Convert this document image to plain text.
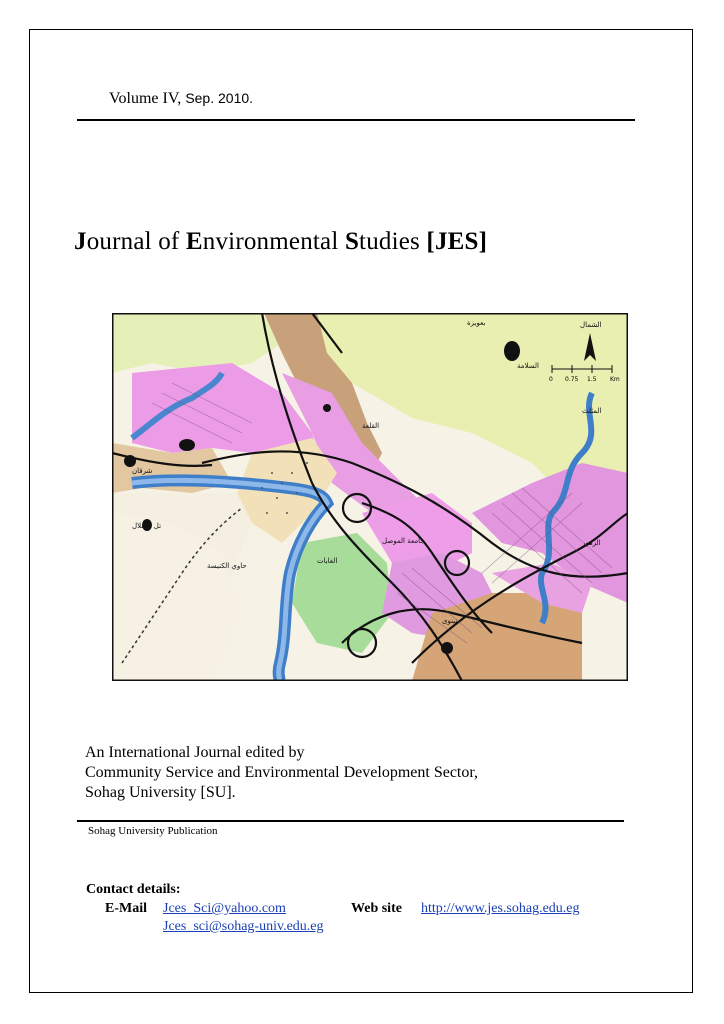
Volume IV, Sep. 2010.
Journal of Environmental Studies [JES]
0 0.75 1.5 Km
بعويزة	الشمال
السلامة
القلعة
جامعة الموصل
حاوي الكنيسة
الغابات
نينوى
الزهور
المثلث
تل الشلال
شرقان
An International Journal edited by
Community Service and Environmental Development Sector,
Sohag University [SU].
Sohag University Publication
Contact details:
E-Mail Jces_Sci@yahoo.com
Jces_sci@sohag-univ.edu.eg
Web site http://www.jes.sohag.edu.eg
